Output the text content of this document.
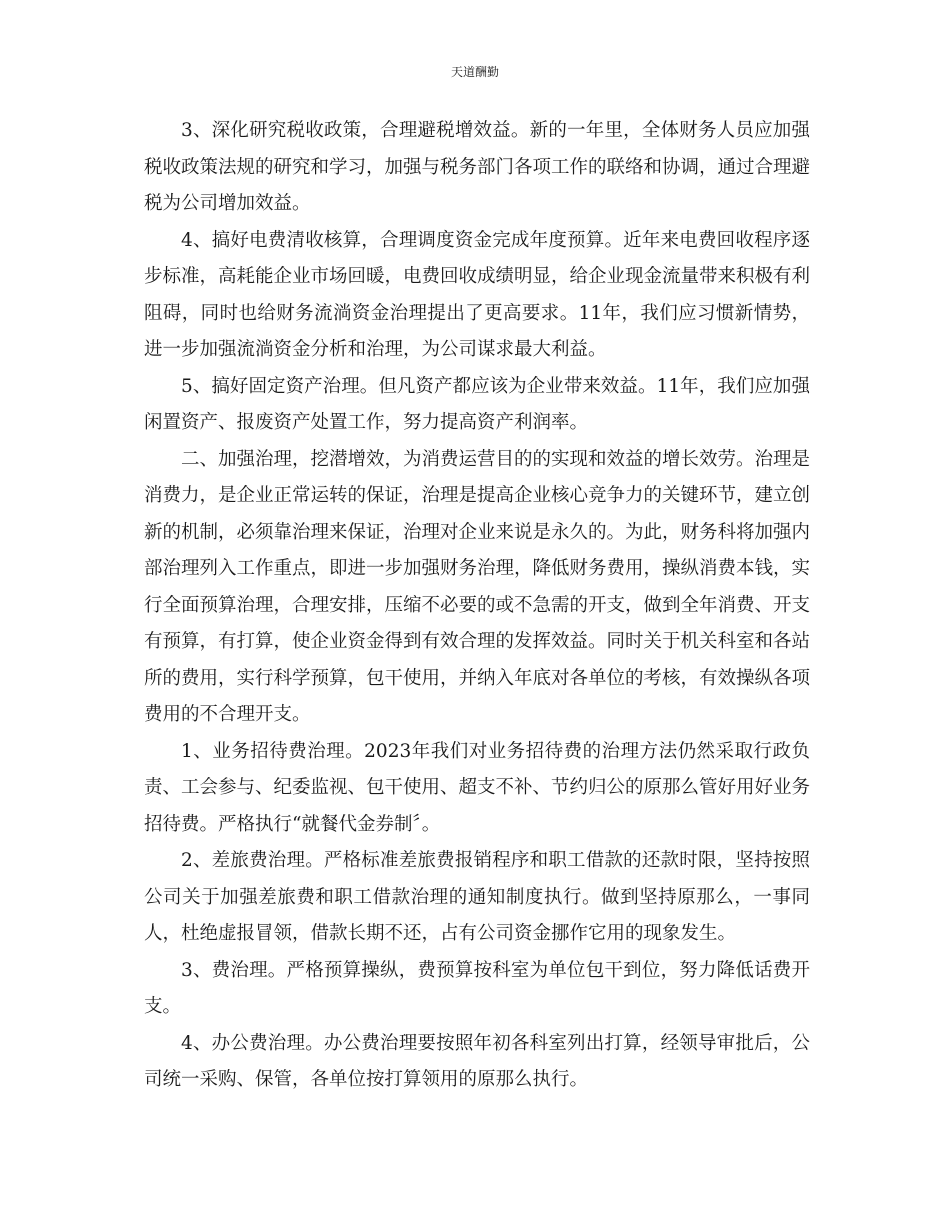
天道酬勤

3、深化研究税收政策，合理避税增效益。新的一年里，全体财务人员应加强税收政策法规的研究和学习，加强与税务部门各项工作的联络和协调，通过合理避税为公司增加效益。

4、搞好电费清收核算，合理调度资金完成年度预算。近年来电费回收程序逐步标准，高耗能企业市场回暖，电费回收成绩明显，给企业现金流量带来积极有利阻碍，同时也给财务流淌资金治理提出了更高要求。11年，我们应习惯新情势，进一步加强流淌资金分析和治理，为公司谋求最大利益。

5、搞好固定资产治理。但凡资产都应该为企业带来效益。11年，我们应加强闲置资产、报废资产处置工作，努力提高资产利润率。

二、加强治理，挖潜增效，为消费运营目的的实现和效益的增长效劳。治理是消费力，是企业正常运转的保证，治理是提高企业核心竞争力的关键环节，建立创新的机制，必须靠治理来保证，治理对企业来说是永久的。为此，财务科将加强内部治理列入工作重点，即进一步加强财务治理，降低财务费用，操纵消费本钱，实行全面预算治理，合理安排，压缩不必要的或不急需的开支，做到全年消费、开支有预算，有打算，使企业资金得到有效合理的发挥效益。同时关于机关科室和各站所的费用，实行科学预算，包干使用，并纳入年底对各单位的考核，有效操纵各项费用的不合理开支。

1、业务招待费治理。2023年我们对业务招待费的治理方法仍然采取行政负责、工会参与、纪委监视、包干使用、超支不补、节约归公的原那么管好用好业务招待费。严格执行“就餐代金券制〞。

2、差旅费治理。严格标准差旅费报销程序和职工借款的还款时限，坚持按照公司关于加强差旅费和职工借款治理的通知制度执行。做到坚持原那么，一事同人，杜绝虚报冒领，借款长期不还，占有公司资金挪作它用的现象发生。

3、费治理。严格预算操纵，费预算按科室为单位包干到位，努力降低话费开支。

4、办公费治理。办公费治理要按照年初各科室列出打算，经领导审批后，公司统一采购、保管，各单位按打算领用的原那么执行。
